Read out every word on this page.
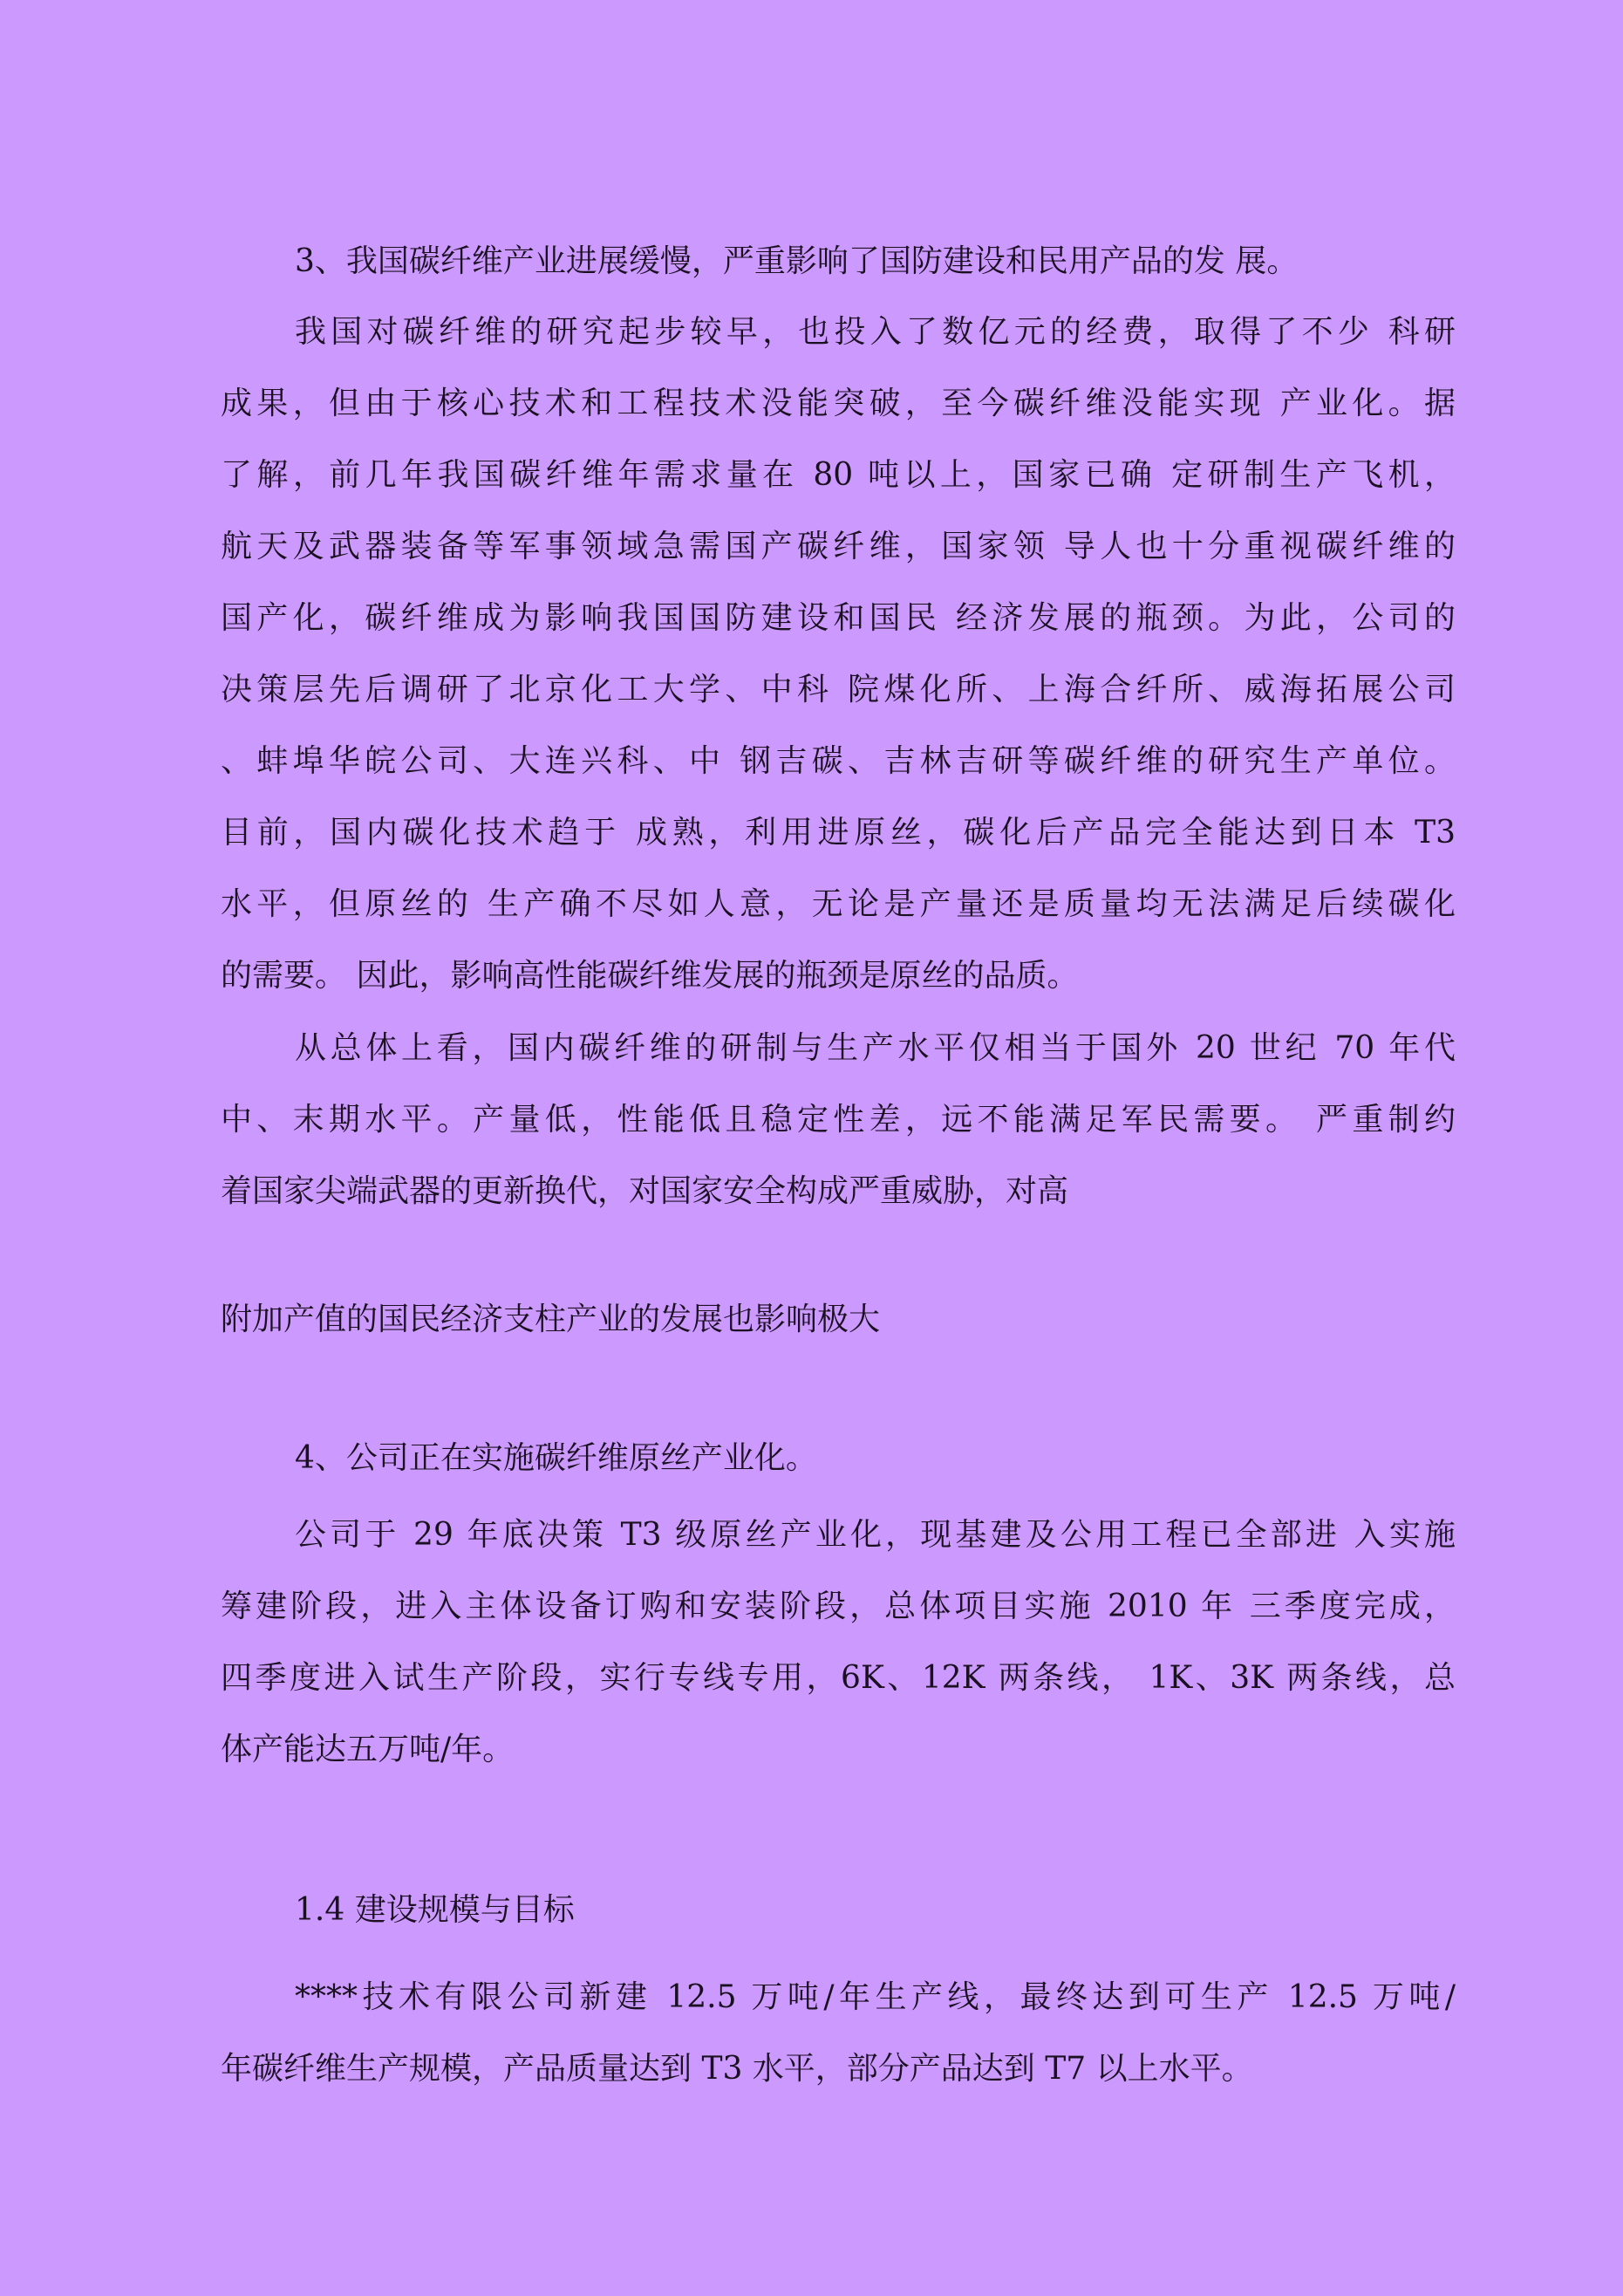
3、我国碳纤维产业进展缓慢，严重影响了国防建设和民用产品的发 展。
我国对碳纤维的研究起步较早，也投入了数亿元的经费，取得了不少 科研
成果，但由于核心技术和工程技术没能突破，至今碳纤维没能实现 产业化。据
了解，前几年我国碳纤维年需求量在 80 吨以上，国家已确 定研制生产飞机，
航天及武器装备等军事领域急需国产碳纤维，国家领 导人也十分重视碳纤维的
国产化，碳纤维成为影响我国国防建设和国民 经济发展的瓶颈。为此，公司的
决策层先后调研了北京化工大学、中科 院煤化所、上海合纤所、威海拓展公司
、蚌埠华皖公司、大连兴科、中 钢吉碳、吉林吉研等碳纤维的研究生产单位。
目前，国内碳化技术趋于 成熟，利用进原丝，碳化后产品完全能达到日本 T3
水平，但原丝的 生产确不尽如人意，无论是产量还是质量均无法满足后续碳化
的需要。 因此，影响高性能碳纤维发展的瓶颈是原丝的品质。
从总体上看，国内碳纤维的研制与生产水平仅相当于国外 20 世纪 70 年代
中、末期水平。产量低，性能低且稳定性差，远不能满足军民需要。 严重制约
着国家尖端武器的更新换代，对国家安全构成严重威胁，对高
附加产值的国民经济支柱产业的发展也影响极大
4、公司正在实施碳纤维原丝产业化。
公司于 29 年底决策 T3 级原丝产业化，现基建及公用工程已全部进 入实施
筹建阶段，进入主体设备订购和安装阶段，总体项目实施 2010 年 三季度完成，
四季度进入试生产阶段，实行专线专用，6K、12K 两条线， 1K、3K 两条线，总
体产能达五万吨/年。
1.4 建设规模与目标
****技术有限公司新建 12.5 万吨/年生产线，最终达到可生产 12.5 万吨/
年碳纤维生产规模，产品质量达到 T3 水平，部分产品达到 T7 以上水平。
